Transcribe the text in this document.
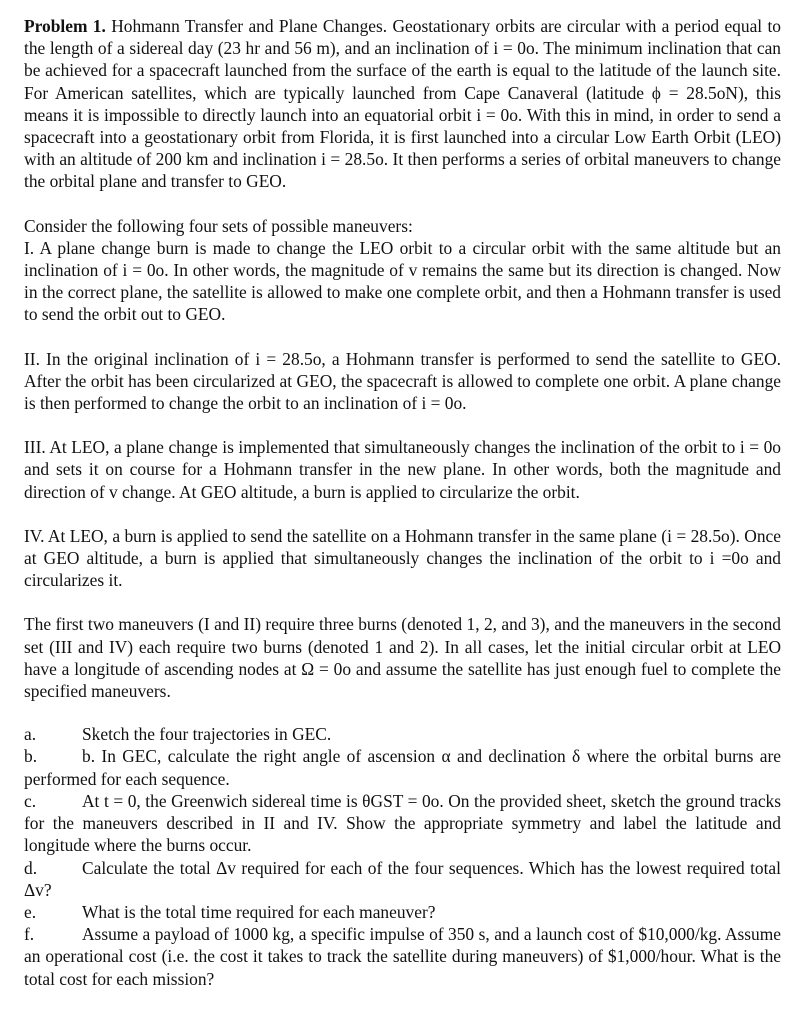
Problem 1. Hohmann Transfer and Plane Changes. Geostationary orbits are circular with a period equal to the length of a sidereal day (23 hr and 56 m), and an inclination of i = 0o. The minimum inclination that can be achieved for a spacecraft launched from the surface of the earth is equal to the latitude of the launch site. For American satellites, which are typically launched from Cape Canaveral (latitude ϕ = 28.5oN), this means it is impossible to directly launch into an equatorial orbit i = 0o. With this in mind, in order to send a spacecraft into a geostationary orbit from Florida, it is first launched into a circular Low Earth Orbit (LEO) with an altitude of 200 km and inclination i = 28.5o. It then performs a series of orbital maneuvers to change the orbital plane and transfer to GEO.

Consider the following four sets of possible maneuvers:
I. A plane change burn is made to change the LEO orbit to a circular orbit with the same altitude but an inclination of i = 0o. In other words, the magnitude of v remains the same but its direction is changed. Now in the correct plane, the satellite is allowed to make one complete orbit, and then a Hohmann transfer is used to send the orbit out to GEO.

II. In the original inclination of i = 28.5o, a Hohmann transfer is performed to send the satellite to GEO. After the orbit has been circularized at GEO, the spacecraft is allowed to complete one orbit. A plane change is then performed to change the orbit to an inclination of i = 0o.

III. At LEO, a plane change is implemented that simultaneously changes the inclination of the orbit to i = 0o and sets it on course for a Hohmann transfer in the new plane. In other words, both the magnitude and direction of v change. At GEO altitude, a burn is applied to circularize the orbit.

IV. At LEO, a burn is applied to send the satellite on a Hohmann transfer in the same plane (i = 28.5o). Once at GEO altitude, a burn is applied that simultaneously changes the inclination of the orbit to i =0o and circularizes it.

The first two maneuvers (I and II) require three burns (denoted 1, 2, and 3), and the maneuvers in the second set (III and IV) each require two burns (denoted 1 and 2). In all cases, let the initial circular orbit at LEO have a longitude of ascending nodes at Ω = 0o and assume the satellite has just enough fuel to complete the specified maneuvers.

a.	Sketch the four trajectories in GEC.

b.	b. In GEC, calculate the right angle of ascension α and declination δ where the orbital burns are performed for each sequence.

c.	At t = 0, the Greenwich sidereal time is θGST = 0o. On the provided sheet, sketch the ground tracks for the maneuvers described in II and IV. Show the appropriate symmetry and label the latitude and longitude where the burns occur.

d.	Calculate the total Δv required for each of the four sequences. Which has the lowest required total Δv?

e.	What is the total time required for each maneuver?

f.	Assume a payload of 1000 kg, a specific impulse of 350 s, and a launch cost of $10,000/kg. Assume an operational cost (i.e. the cost it takes to track the satellite during maneuvers) of $1,000/hour. What is the total cost for each mission?
